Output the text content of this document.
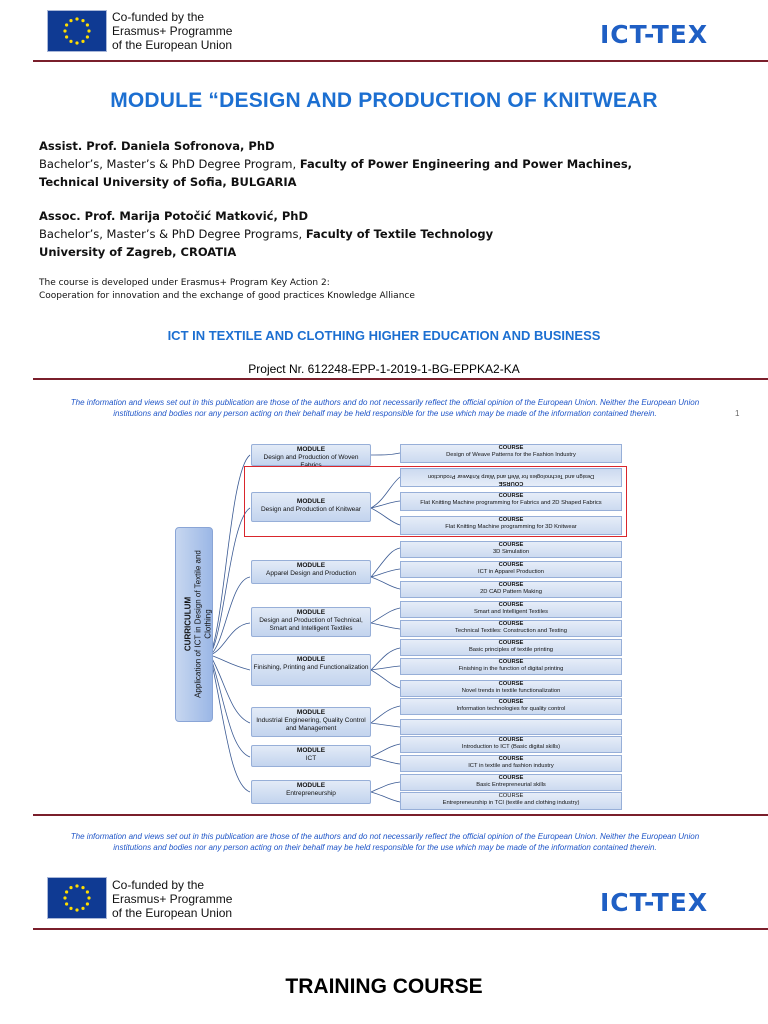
Co-funded by the
Erasmus+ Programme
of the European Union	ICT-TEX
MODULE “DESIGN AND PRODUCTION OF KNITWEAR
Assist. Prof. Daniela Sofronova, PhD
Bachelor’s, Master’s & PhD Degree Program, Faculty of Power Engineering and Power Machines,
Technical University of Sofia, BULGARIA
Assoc. Prof. Marija Potočić Matković, PhD
Bachelor’s, Master’s & PhD Degree Programs, Faculty of Textile Technology
University of Zagreb, CROATIA
The course is developed under Erasmus+ Program Key Action 2:
Cooperation for innovation and the exchange of good practices Knowledge Alliance
ICT IN TEXTILE AND CLOTHING HIGHER EDUCATION AND BUSINESS
Project Nr. 612248-EPP-1-2019-1-BG-EPPKA2-KA
The information and views set out in this publication are those of the authors and do not necessarily reflect the official opinion of the European Union. Neither the European Union institutions and bodies nor any person acting on their behalf may be held responsible for the use which may be made of the information contained therein.	1
CURRICULUM Application of ICT in Design of Textile and Clothing
MODULE
Design and Production of Woven Fabrics
MODULE
Design and Production of Knitwear
MODULE
Apparel Design and Production
MODULE
Design and Production of Technical, Smart and Intelligent Textiles
MODULE
Finishing, Printing and Functionalization
MODULE
Industrial Engineering, Quality Control and Management
MODULE
ICT
MODULE
Entrepreneurship
COURSE
Design of Weave Patterns for the Fashion Industry
COURSE
Design and Technologies for Weft and Warp Knitwear Production
COURSE
Flat Knitting Machine programming for Fabrics and 2D Shaped Fabrics
COURSE
Flat Knitting Machine programming for 3D Knitwear
COURSE
3D Simulation
COURSE
ICT in Apparel Production
COURSE
2D CAD Pattern Making
COURSE
Smart and Intelligent Textiles
COURSE
Technical Textiles: Construction and Testing
COURSE
Basic principles of textile printing
COURSE
Finishing in the function of digital printing
COURSE
Novel trends in textile functionalization
COURSE
Information technologies for quality control
COURSE
Introduction to ICT (Basic digital skills)
COURSE
ICT in textile and fashion industry
COURSE
Basic Entrepreneurial skills
COURSE
Entrepreneurship in TCI (textile and clothing industry)
The information and views set out in this publication are those of the authors and do not necessarily reflect the official opinion of the European Union. Neither the European Union institutions and bodies nor any person acting on their behalf may be held responsible for the use which may be made of the information contained therein.
Co-funded by the
Erasmus+ Programme
of the European Union	ICT-TEX
TRAINING COURSE
